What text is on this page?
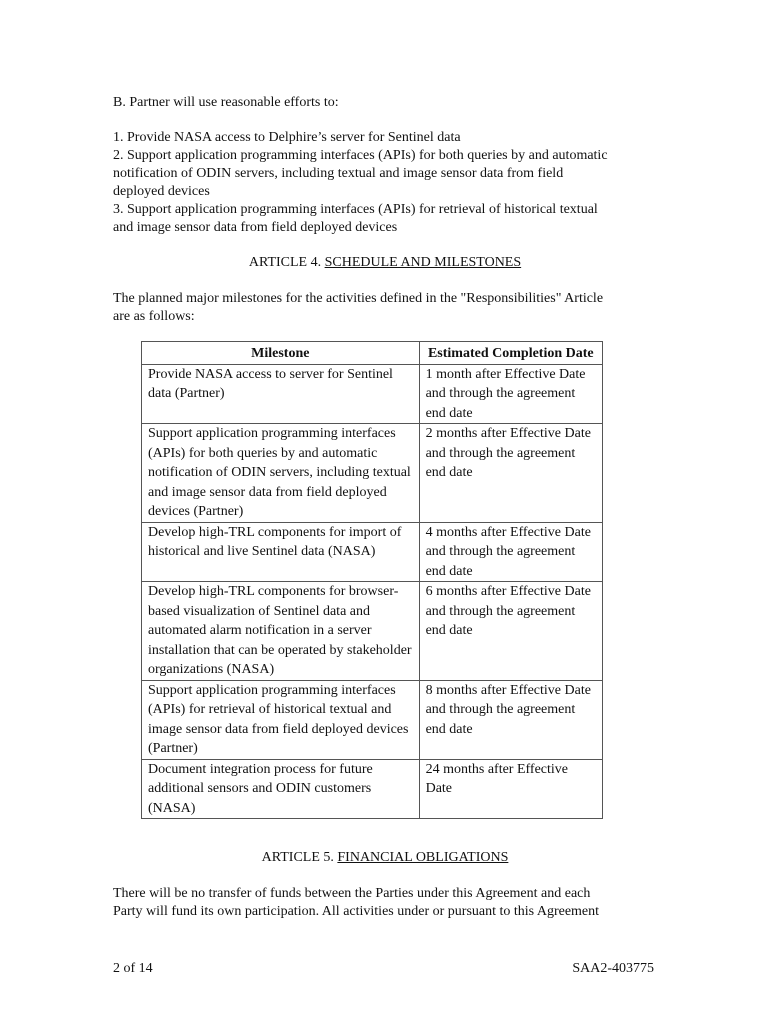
B. Partner will use reasonable efforts to:
1. Provide NASA access to Delphire’s server for Sentinel data
2. Support application programming interfaces (APIs) for both queries by and automatic
notification of ODIN servers, including textual and image sensor data from field
deployed devices
3. Support application programming interfaces (APIs) for retrieval of historical textual
and image sensor data from field deployed devices
ARTICLE 4. SCHEDULE AND MILESTONES
The planned major milestones for the activities defined in the "Responsibilities" Article
are as follows:
Milestone	Estimated Completion Date
Provide NASA access to server for Sentinel data (Partner)	1 month after Effective Date and through the agreement end date
Support application programming interfaces (APIs) for both queries by and automatic notification of ODIN servers, including textual and image sensor data from field deployed devices (Partner)	2 months after Effective Date and through the agreement end date
Develop high-TRL components for import of historical and live Sentinel data (NASA)	4 months after Effective Date and through the agreement end date
Develop high-TRL components for browser-based visualization of Sentinel data and automated alarm notification in a server installation that can be operated by stakeholder organizations (NASA)	6 months after Effective Date and through the agreement end date
Support application programming interfaces (APIs) for retrieval of historical textual and image sensor data from field deployed devices (Partner)	8 months after Effective Date and through the agreement end date
Document integration process for future additional sensors and ODIN customers (NASA)	24 months after Effective Date
ARTICLE 5. FINANCIAL OBLIGATIONS
There will be no transfer of funds between the Parties under this Agreement and each
Party will fund its own participation. All activities under or pursuant to this Agreement
2 of 14	SAA2-403775
